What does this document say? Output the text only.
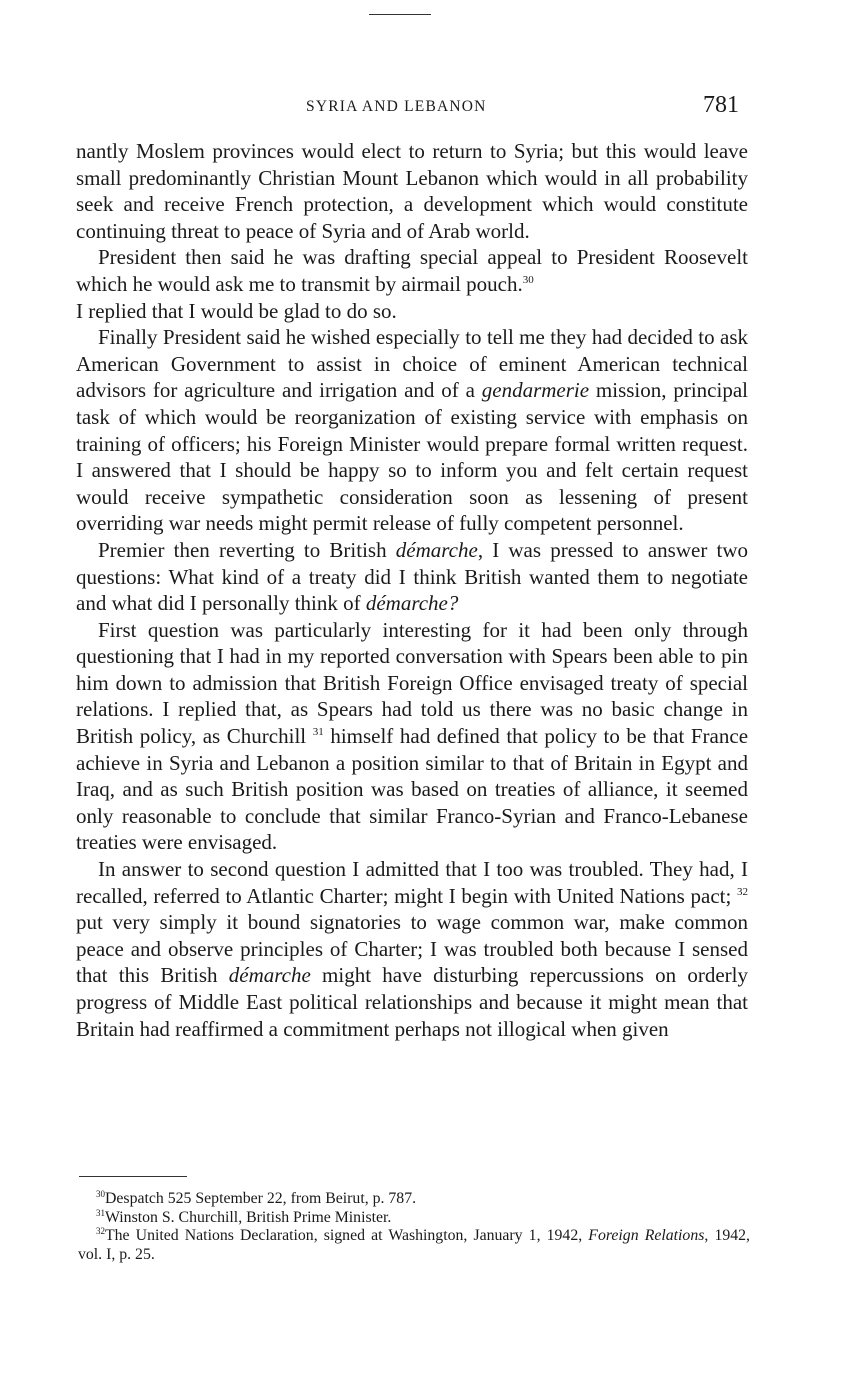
SYRIA AND LEBANON	781

nantly Moslem provinces would elect to return to Syria; but this would leave small predominantly Christian Mount Lebanon which would in all probability seek and receive French protection, a development which would constitute continuing threat to peace of Syria and of Arab world.

President then said he was drafting special appeal to President Roosevelt which he would ask me to transmit by airmail pouch.$^{30}$
I replied that I would be glad to do so.

Finally President said he wished especially to tell me they had decided to ask American Government to assist in choice of eminent American technical advisors for agriculture and irrigation and of a gendarmerie mission, principal task of which would be reorganization of existing service with emphasis on training of officers; his Foreign Minister would prepare formal written request. I answered that I should be happy so to inform you and felt certain request would receive sympathetic consideration soon as lessening of present overriding war needs might permit release of fully competent personnel.

Premier then reverting to British démarche, I was pressed to answer two questions: What kind of a treaty did I think British wanted them to negotiate and what did I personally think of démarche?

First question was particularly interesting for it had been only through questioning that I had in my reported conversation with Spears been able to pin him down to admission that British Foreign Office envisaged treaty of special relations. I replied that, as Spears had told us there was no basic change in British policy, as Churchill $^{31}$ himself had defined that policy to be that France achieve in Syria and Lebanon a position similar to that of Britain in Egypt and Iraq, and as such British position was based on treaties of alliance, it seemed only reasonable to conclude that similar Franco-Syrian and Franco-Lebanese treaties were envisaged.

In answer to second question I admitted that I too was troubled. They had, I recalled, referred to Atlantic Charter; might I begin with United Nations pact; $^{32}$ put very simply it bound signatories to wage common war, make common peace and observe principles of Charter; I was troubled both because I sensed that this British démarche might have disturbing repercussions on orderly progress of Middle East political relationships and because it might mean that Britain had reaffirmed a commitment perhaps not illogical when given

$^{30}$Despatch 525 September 22, from Beirut, p. 787.

$^{31}$Winston S. Churchill, British Prime Minister.

$^{32}$The United Nations Declaration, signed at Washington, January 1, 1942, Foreign Relations, 1942, vol. I, p. 25.
